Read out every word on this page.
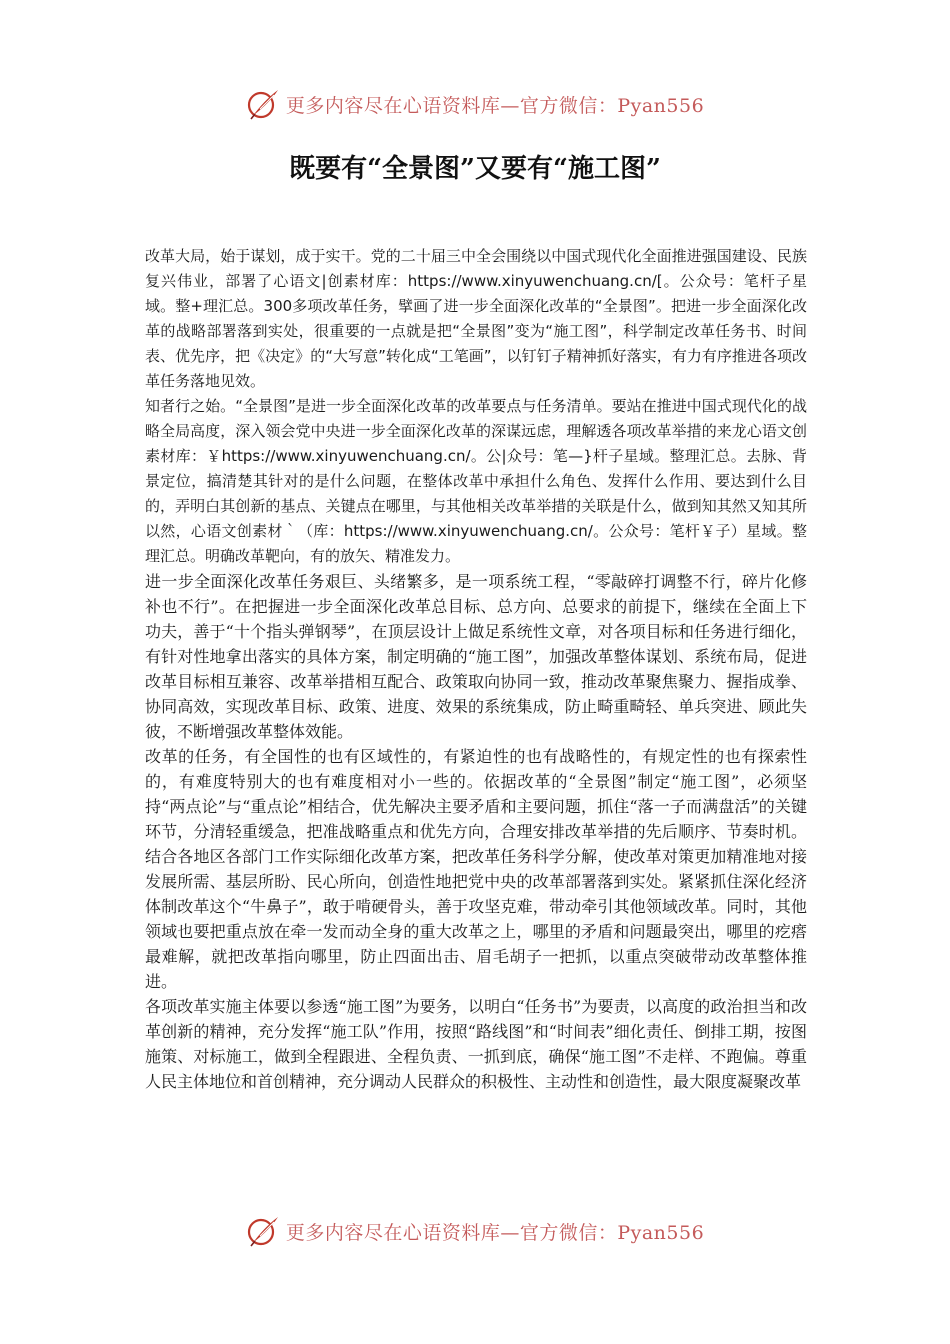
更多内容尽在心语资料库—官方微信：Pyan556
既要有“全景图”又要有“施工图”

改革大局，始于谋划，成于实干。党的二十届三中全会围绕以中国式现代化全面推进强国建设、民族复兴伟业，部署了心语文|创素材库：https://www.xinyuwenchuang.cn/[。公众号：笔杆子星域。整+理汇总。300多项改革任务，擘画了进一步全面深化改革的“全景图”。把进一步全面深化改革的战略部署落到实处，很重要的一点就是把“全景图”变为“施工图”，科学制定改革任务书、时间表、优先序，把《决定》的“大写意”转化成“工笔画”，以钉钉子精神抓好落实，有力有序推进各项改革任务落地见效。

知者行之始。“全景图”是进一步全面深化改革的改革要点与任务清单。要站在推进中国式现代化的战略全局高度，深入领会党中央进一步全面深化改革的深谋远虑，理解透各项改革举措的来龙心语文创素材库：￥https://www.xinyuwenchuang.cn/。公|众号：笔—}杆子星域。整理汇总。去脉、背景定位，搞清楚其针对的是什么问题，在整体改革中承担什么角色、发挥什么作用、要达到什么目的，弄明白其创新的基点、关键点在哪里，与其他相关改革举措的关联是什么，做到知其然又知其所以然，心语文创素材｀（库：https://www.xinyuwenchuang.cn/。公众号：笔杆￥子）星域。整理汇总。明确改革靶向，有的放矢、精准发力。

进一步全面深化改革任务艰巨、头绪繁多，是一项系统工程，“零敲碎打调整不行，碎片化修补也不行”。在把握进一步全面深化改革总目标、总方向、总要求的前提下，继续在全面上下功夫，善于“十个指头弹钢琴”，在顶层设计上做足系统性文章，对各项目标和任务进行细化，有针对性地拿出落实的具体方案，制定明确的“施工图”，加强改革整体谋划、系统布局，促进改革目标相互兼容、改革举措相互配合、政策取向协同一致，推动改革聚焦聚力、握指成拳、协同高效，实现改革目标、政策、进度、效果的系统集成，防止畸重畸轻、单兵突进、顾此失彼，不断增强改革整体效能。

改革的任务，有全国性的也有区域性的，有紧迫性的也有战略性的，有规定性的也有探索性的，有难度特别大的也有难度相对小一些的。依据改革的“全景图”制定“施工图”，必须坚持“两点论”与“重点论”相结合，优先解决主要矛盾和主要问题，抓住“落一子而满盘活”的关键环节，分清轻重缓急，把准战略重点和优先方向，合理安排改革举措的先后顺序、节奏时机。结合各地区各部门工作实际细化改革方案，把改革任务科学分解，使改革对策更加精准地对接发展所需、基层所盼、民心所向，创造性地把党中央的改革部署落到实处。紧紧抓住深化经济体制改革这个“牛鼻子”，敢于啃硬骨头，善于攻坚克难，带动牵引其他领域改革。同时，其他领域也要把重点放在牵一发而动全身的重大改革之上，哪里的矛盾和问题最突出，哪里的疙瘩最难解，就把改革指向哪里，防止四面出击、眉毛胡子一把抓，以重点突破带动改革整体推进。

各项改革实施主体要以参透“施工图”为要务，以明白“任务书”为要责，以高度的政治担当和改革创新的精神，充分发挥“施工队”作用，按照“路线图”和“时间表”细化责任、倒排工期，按图施策、对标施工，做到全程跟进、全程负责、一抓到底，确保“施工图”不走样、不跑偏。尊重人民主体地位和首创精神，充分调动人民群众的积极性、主动性和创造性，最大限度凝聚改革

更多内容尽在心语资料库—官方微信：Pyan556
